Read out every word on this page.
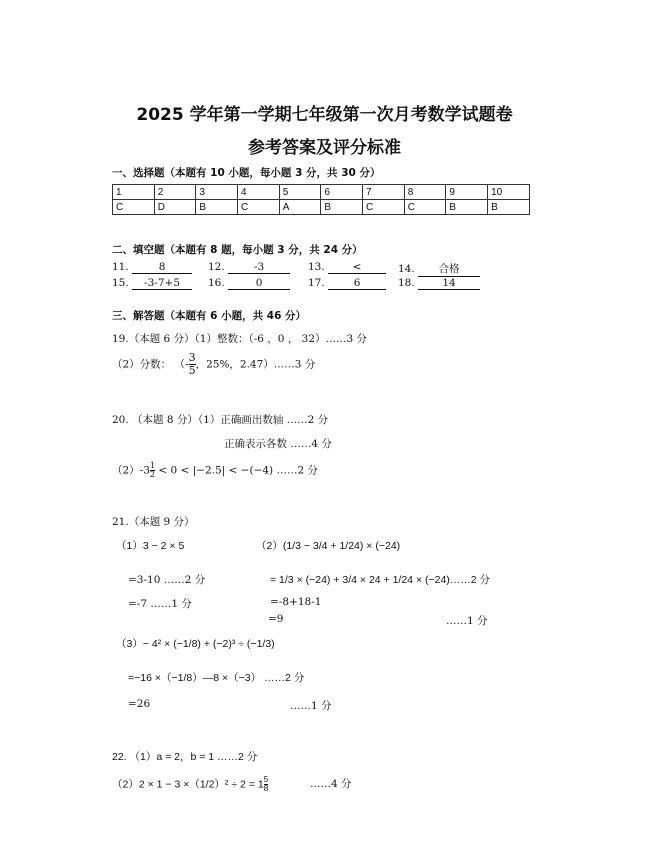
2025 学年第一学期七年级第一次月考数学试题卷
参考答案及评分标准
一、选择题（本题有 10 小题，每小题 3 分，共 30 分）
1	2	3	4	5	6	7	8	9	10
C	D	B	C	A	B	C	C	B	B
二、填空题（本题有 8 题，每小题 3 分，共 24 分）
11.	8	12.	-3	13.	<	14. 合格
15. -3-7+5	16.	0	17.	6	18.	14
三、解答题（本题有 6 小题，共 46 分）
19.（本题 6 分）（1）整数：（-6 ，0 ， 32）……3 分
（2）分数： （- $\frac{3}{5}$ ，25%，2.47）……3 分
20. （本题 8 分）（1）正确画出数轴 ……2 分
正确表示各数 ……4 分
$(2)-3 \frac{1}{2} < 0 < |-2.5| < -(-4)$ ……2 分
21.（本题 9 分）
（1）3 − 2 × 5
=3-10 ……2 分
=-7 ……1 分
（2）(1/3 − 3/4 + 1/24) × (−24)
= 1/3 × (−24) + 3/4 × 24 + 1/24 × (−24)……2 分
=-8+18-1
=9	……1 分
（3）− 4² × (−1/8) + (−2)³ ÷ (−1/3)
=−16 ×（−1/8）—8 ×（−3） ……2 分
=26	……1 分
22. （1）a = 2，b = 1 ……2 分
$(2)2 \times 1 - 3 \times(1/2)^2 \div 2 = 1 \frac{5}{8}$	……4 分
